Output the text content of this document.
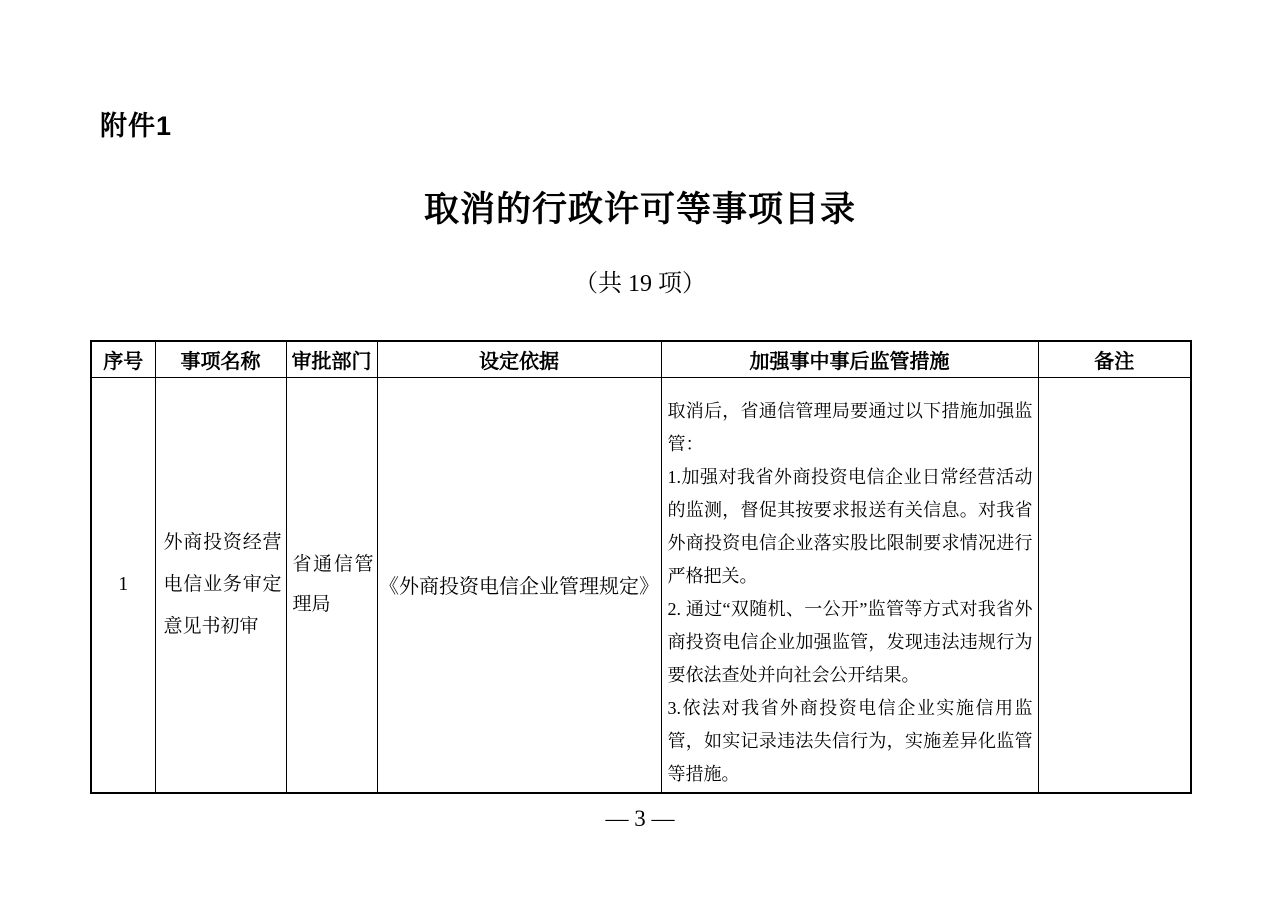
附件1
取消的行政许可等事项目录
（共 19 项）
序号	事项名称	审批部门	设定依据	加强事中事后监管措施	备注
1	外商投资经营电信业务审定意见书初审	省通信管理局	《外商投资电信企业管理规定》	取消后，省通信管理局要通过以下措施加强监管：

1.加强对我省外商投资电信企业日常经营活动的监测，督促其按要求报送有关信息。对我省外商投资电信企业落实股比限制要求情况进行严格把关。

2. 通过“双随机、一公开”监管等方式对我省外商投资电信企业加强监管，发现违法违规行为要依法查处并向社会公开结果。

3.依法对我省外商投资电信企业实施信用监管，如实记录违法失信行为，实施差异化监管等措施。	

— 3 —
